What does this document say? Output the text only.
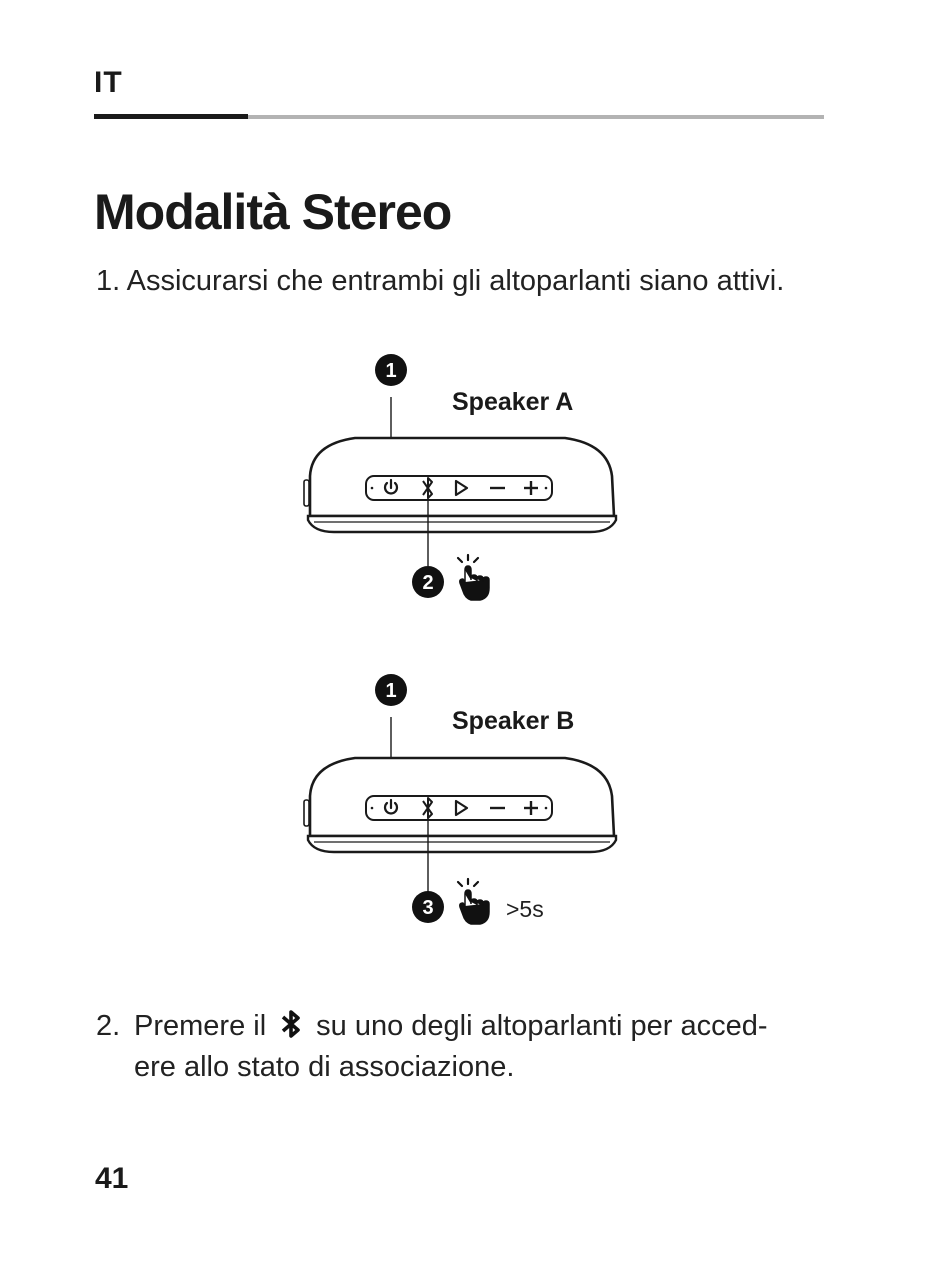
IT
Modalità Stereo
1. Assicurarsi che entrambi gli altoparlanti siano attivi.
1
Speaker A
2
1
Speaker B
3	>5s
2. Premere il su uno degli altoparlanti per acced-
ere allo stato di associazione.
41
